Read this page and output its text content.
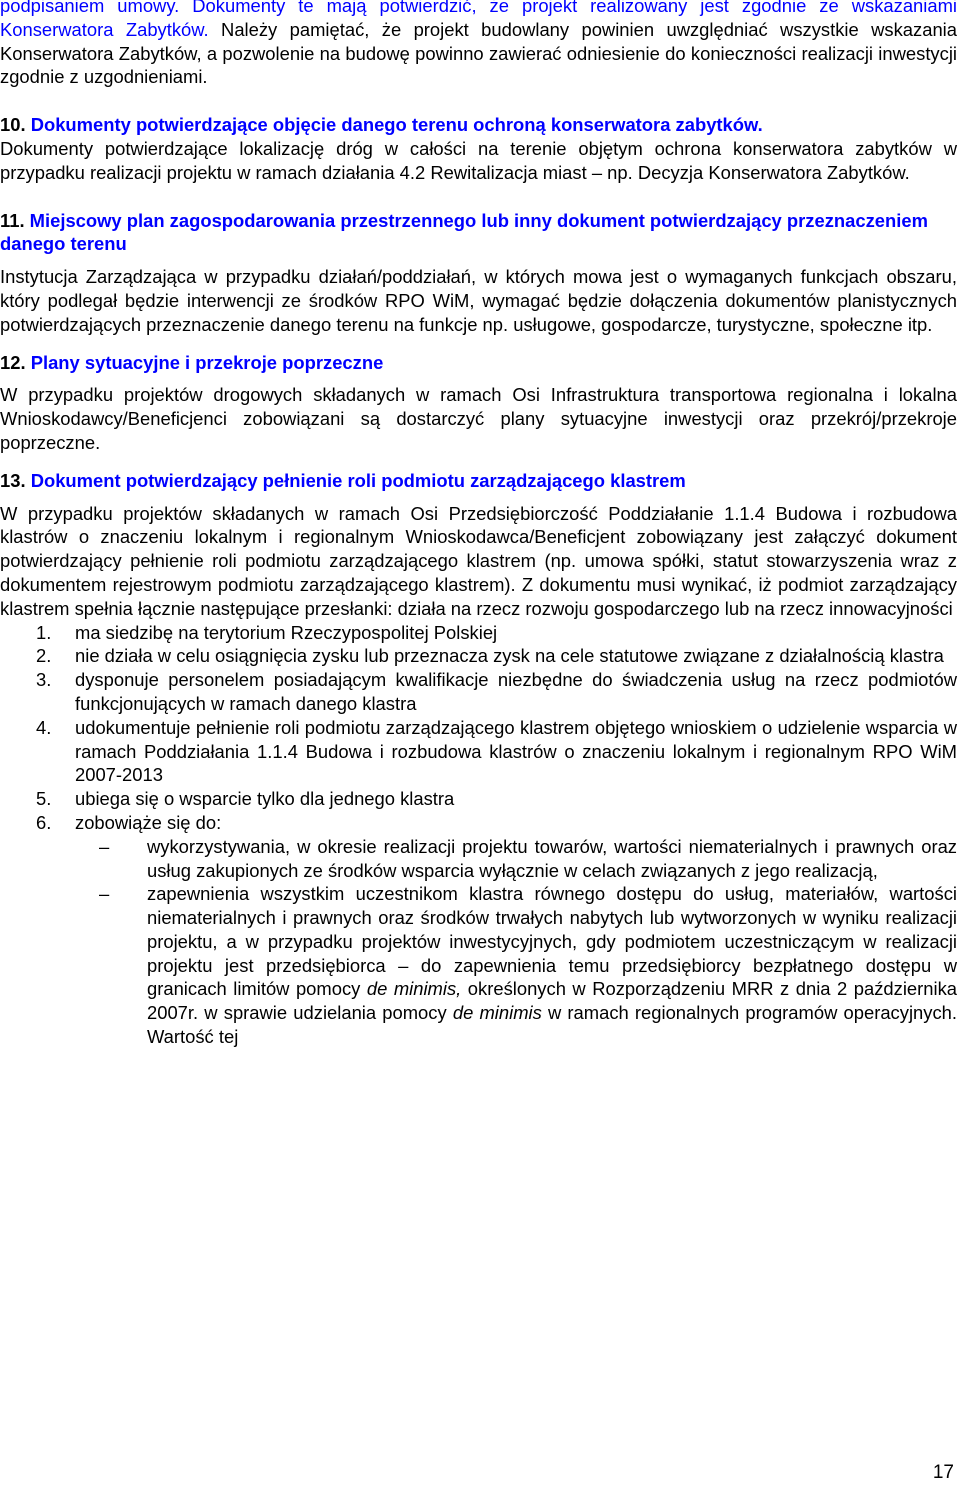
podpisaniem umowy. Dokumenty te mają potwierdzić, że projekt realizowany jest zgodnie ze wskazaniami Konserwatora Zabytków. Należy pamiętać, że projekt budowlany powinien uwzględniać wszystkie wskazania Konserwatora Zabytków, a pozwolenie na budowę powinno zawierać odniesienie do konieczności realizacji inwestycji zgodnie z uzgodnieniami.

10. Dokumenty potwierdzające objęcie danego terenu ochroną konserwatora zabytków.

Dokumenty potwierdzające lokalizację dróg w całości na terenie objętym ochrona konserwatora zabytków w przypadku realizacji projektu w ramach działania 4.2 Rewitalizacja miast – np. Decyzja Konserwatora Zabytków.

11. Miejscowy plan zagospodarowania przestrzennego lub inny dokument potwierdzający przeznaczeniem danego terenu

Instytucja Zarządzająca w przypadku działań/poddziałań, w których mowa jest o wymaganych funkcjach obszaru, który podlegał będzie interwencji ze środków RPO WiM, wymagać będzie dołączenia dokumentów planistycznych potwierdzających przeznaczenie danego terenu na funkcje np. usługowe, gospodarcze, turystyczne, społeczne itp.

12. Plany sytuacyjne i przekroje poprzeczne

W przypadku projektów drogowych składanych w ramach Osi Infrastruktura transportowa regionalna i lokalna Wnioskodawcy/Beneficjenci zobowiązani są dostarczyć plany sytuacyjne inwestycji oraz przekrój/przekroje poprzeczne.

13. Dokument potwierdzający pełnienie roli podmiotu zarządzającego klastrem

W przypadku projektów składanych w ramach Osi Przedsiębiorczość Poddziałanie 1.1.4 Budowa i rozbudowa klastrów o znaczeniu lokalnym i regionalnym Wnioskodawca/Beneficjent zobowiązany jest załączyć dokument potwierdzający pełnienie roli podmiotu zarządzającego klastrem (np. umowa spółki, statut stowarzyszenia wraz z dokumentem rejestrowym podmiotu zarządzającego klastrem). Z dokumentu musi wynikać, iż podmiot zarządzający klastrem spełnia łącznie następujące przesłanki: działa na rzecz rozwoju gospodarczego lub na rzecz innowacyjności

1. ma siedzibę na terytorium Rzeczypospolitej Polskiej
2. nie działa w celu osiągnięcia zysku lub przeznacza zysk na cele statutowe związane z działalnością klastra
3. dysponuje personelem posiadającym kwalifikacje niezbędne do świadczenia usług na rzecz podmiotów funkcjonujących w ramach danego klastra
4. udokumentuje pełnienie roli podmiotu zarządzającego klastrem objętego wnioskiem o udzielenie wsparcia w ramach Poddziałania 1.1.4 Budowa i rozbudowa klastrów o znaczeniu lokalnym i regionalnym RPO WiM 2007-2013
5. ubiega się o wsparcie tylko dla jednego klastra
6. zobowiąże się do:
– wykorzystywania, w okresie realizacji projektu towarów, wartości niematerialnych i prawnych oraz usług zakupionych ze środków wsparcia wyłącznie w celach związanych z jego realizacją,
– zapewnienia wszystkim uczestnikom klastra równego dostępu do usług, materiałów, wartości niematerialnych i prawnych oraz środków trwałych nabytych lub wytworzonych w wyniku realizacji projektu, a w przypadku projektów inwestycyjnych, gdy podmiotem uczestniczącym w realizacji projektu jest przedsiębiorca – do zapewnienia temu przedsiębiorcy bezpłatnego dostępu w granicach limitów pomocy de minimis, określonych w Rozporządzeniu MRR z dnia 2 października 2007r. w sprawie udzielania pomocy de minimis w ramach regionalnych programów operacyjnych. Wartość tej
17
